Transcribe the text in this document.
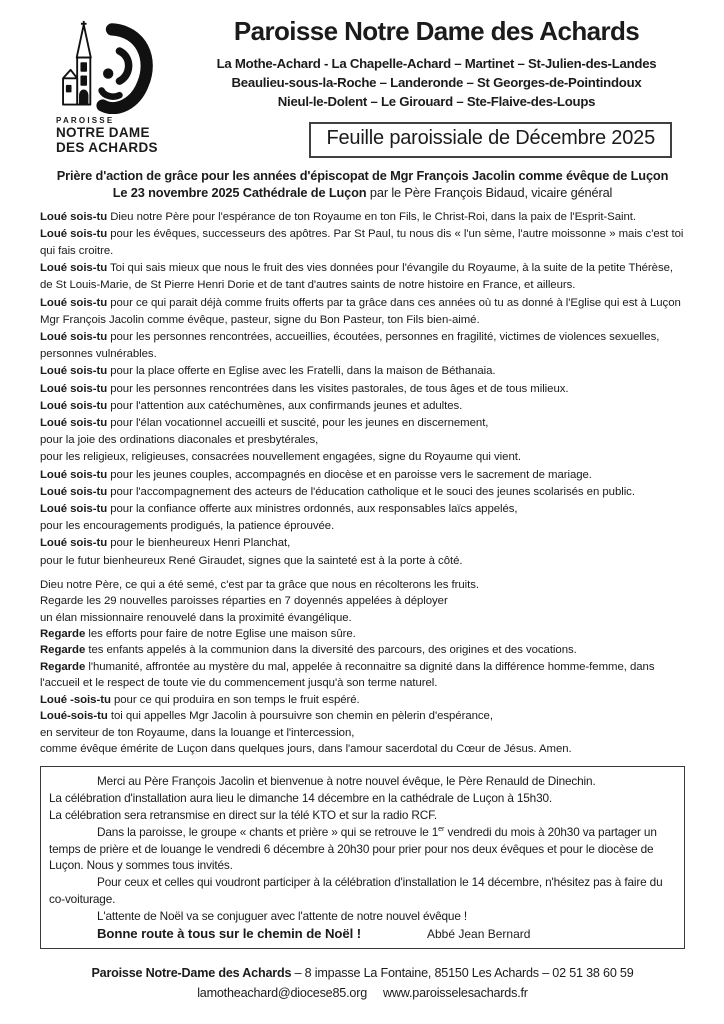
PAROISSE
NOTRE DAME
DES ACHARDS
Paroisse Notre Dame des Achards
La Mothe-Achard - La Chapelle-Achard – Martinet – St-Julien-des-Landes
Beaulieu-sous-la-Roche – Landeronde – St Georges-de-Pointindoux
Nieul-le-Dolent – Le Girouard – Ste-Flaive-des-Loups
Feuille paroissiale de Décembre 2025
Prière d'action de grâce pour les années d'épiscopat de Mgr François Jacolin comme évêque de Luçon
Le 23 novembre 2025 Cathédrale de Luçon par le Père François Bidaud, vicaire général
Loué sois-tu Dieu notre Père pour l'espérance de ton Royaume en ton Fils, le Christ-Roi, dans la paix de l'Esprit-Saint.
Loué sois-tu pour les évêques, successeurs des apôtres. Par St Paul, tu nous dis « l'un sème, l'autre moissonne » mais c'est toi qui fais croitre.
Loué sois-tu Toi qui sais mieux que nous le fruit des vies données pour l'évangile du Royaume, à la suite de la petite Thérèse, de St Louis-Marie, de St Pierre Henri Dorie et de tant d'autres saints de notre histoire en France, et ailleurs.
Loué sois-tu pour ce qui parait déjà comme fruits offerts par ta grâce dans ces années où tu as donné à l'Eglise qui est à Luçon Mgr François Jacolin comme évêque, pasteur, signe du Bon Pasteur, ton Fils bien-aimé.
Loué sois-tu pour les personnes rencontrées, accueillies, écoutées, personnes en fragilité, victimes de violences sexuelles, personnes vulnérables.
Loué sois-tu pour la place offerte en Eglise avec les Fratelli, dans la maison de Béthanaia.
Loué sois-tu pour les personnes rencontrées dans les visites pastorales, de tous âges et de tous milieux.
Loué sois-tu pour l'attention aux catéchumènes, aux confirmands jeunes et adultes.
Loué sois-tu pour l'élan vocationnel accueilli et suscité, pour les jeunes en discernement,
pour la joie des ordinations diaconales et presbytérales,
pour les religieux, religieuses, consacrées nouvellement engagées, signe du Royaume qui vient.
Loué sois-tu pour les jeunes couples, accompagnés en diocèse et en paroisse vers le sacrement de mariage.
Loué sois-tu pour l'accompagnement des acteurs de l'éducation catholique et le souci des jeunes scolarisés en public.
Loué sois-tu pour la confiance offerte aux ministres ordonnés, aux responsables laïcs appelés,
pour les encouragements prodigués, la patience éprouvée.
Loué sois-tu pour le bienheureux Henri Planchat,
pour le futur bienheureux René Giraudet, signes que la sainteté est à la porte à côté.
Dieu notre Père, ce qui a été semé, c'est par ta grâce que nous en récolterons les fruits.
Regarde les 29 nouvelles paroisses réparties en 7 doyennés appelées à déployer
un élan missionnaire renouvelé dans la proximité évangélique.
Regarde les efforts pour faire de notre Eglise une maison sûre.
Regarde tes enfants appelés à la communion dans la diversité des parcours, des origines et des vocations.
Regarde l'humanité, affrontée au mystère du mal, appelée à reconnaitre sa dignité dans la différence homme-femme, dans l'accueil et le respect de toute vie du commencement jusqu'à son terme naturel.
Loué -sois-tu pour ce qui produira en son temps le fruit espéré.
Loué-sois-tu toi qui appelles Mgr Jacolin à poursuivre son chemin en pèlerin d'espérance,
en serviteur de ton Royaume, dans la louange et l'intercession,
comme évêque émérite de Luçon dans quelques jours, dans l'amour sacerdotal du Cœur de Jésus. Amen.
Merci au Père François Jacolin et bienvenue à notre nouvel évêque, le Père Renauld de Dinechin.
La célébration d'installation aura lieu le dimanche 14 décembre en la cathédrale de Luçon à 15h30.
La célébration sera retransmise en direct sur la télé KTO et sur la radio RCF.
Dans la paroisse, le groupe « chants et prière » qui se retrouve le 1er vendredi du mois à 20h30 va partager un temps de prière et de louange le vendredi 6 décembre à 20h30 pour prier pour nos deux évêques et pour le diocèse de Luçon. Nous y sommes tous invités.
Pour ceux et celles qui voudront participer à la célébration d'installation le 14 décembre, n'hésitez pas à faire du co-voiturage.
L'attente de Noël va se conjuguer avec l'attente de notre nouvel évêque !
Bonne route à tous sur le chemin de Noël !	Abbé Jean Bernard
Paroisse Notre-Dame des Achards – 8 impasse La Fontaine, 85150 Les Achards – 02 51 38 60 59
lamotheachard@diocese85.org www.paroisselesachards.fr
